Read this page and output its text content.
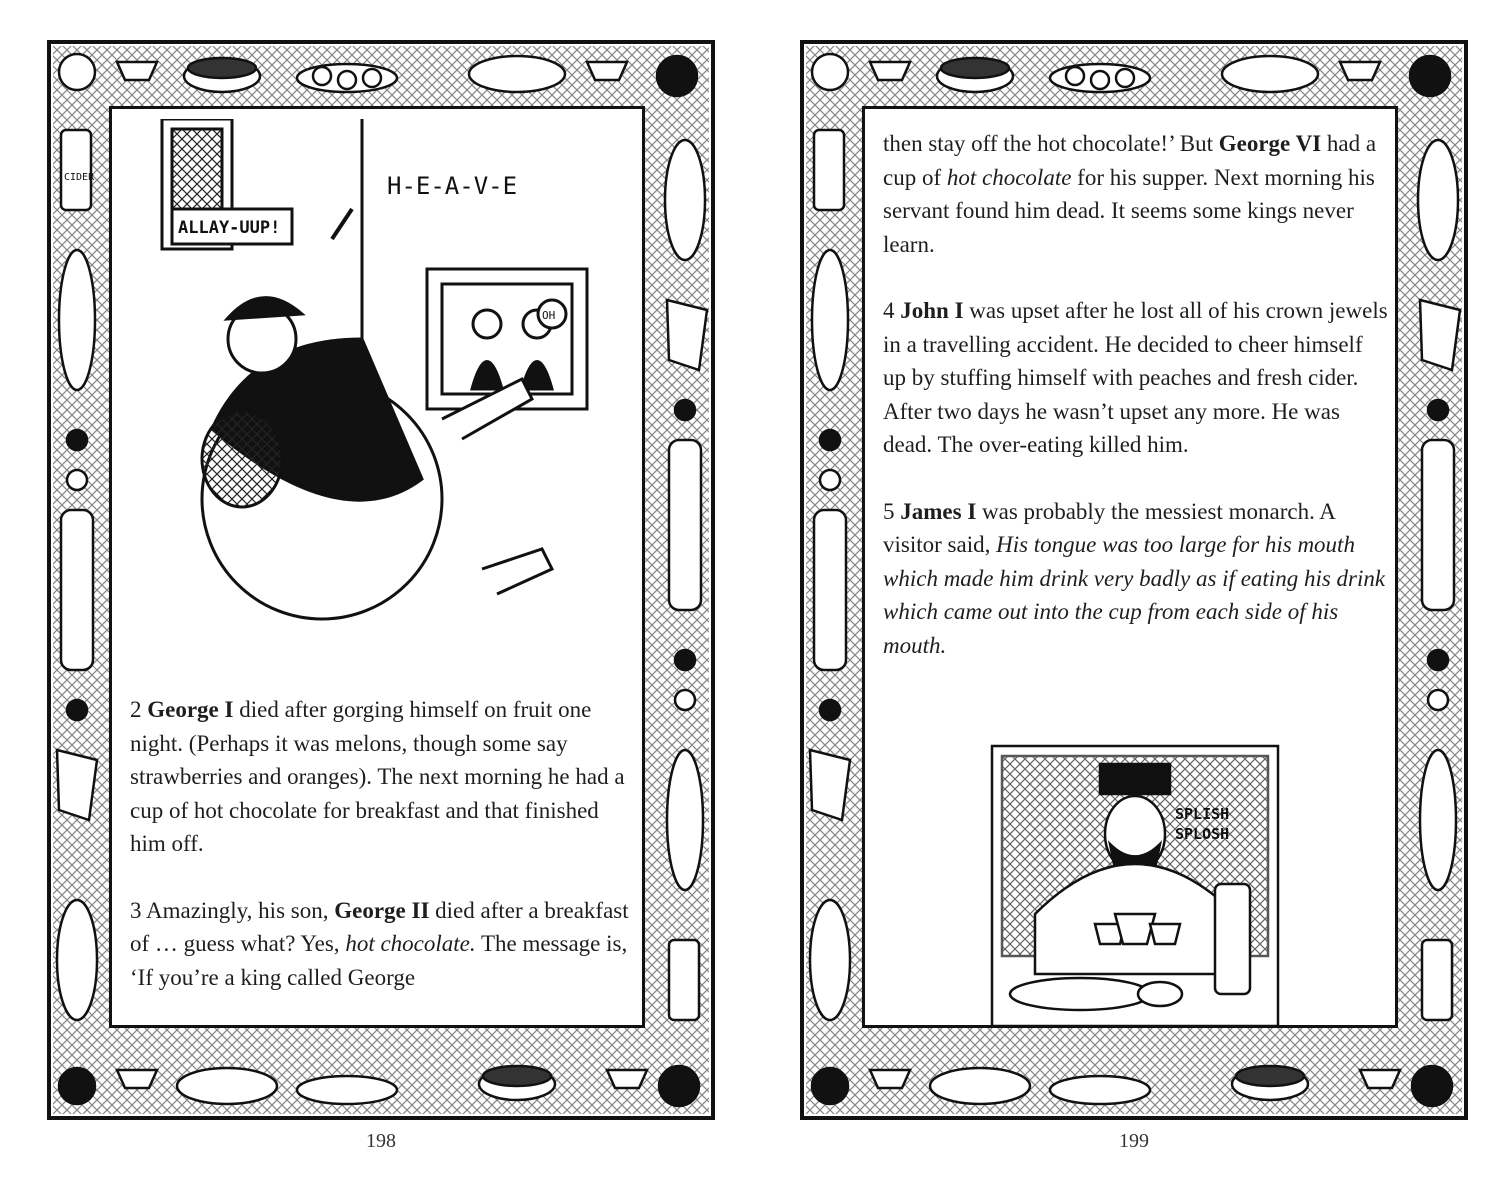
CIDER
ALLAY-UUP!
H-E-A-V-E
OH

2 George I died after gorging himself on fruit one night. (Perhaps it was melons, though some say strawberries and oranges). The next morning he had a cup of hot chocolate for breakfast and that finished him off.

3 Amazingly, his son, George II died after a breakfast of … guess what? Yes, hot chocolate. The message is, ‘If you’re a king called George

198

then stay off the hot chocolate!’ But George VI had a cup of hot chocolate for his supper. Next morning his servant found him dead. It seems some kings never learn.

4 John I was upset after he lost all of his crown jewels in a travelling accident. He decided to cheer himself up by stuffing himself with peaches and fresh cider. After two days he wasn’t upset any more. He was dead. The over-eating killed him.

5 James I was probably the messiest monarch. A visitor said, His tongue was too large for his mouth which made him drink very badly as if eating his drink which came out into the cup from each side of his mouth.

SPLISH
SPLOSH
199
